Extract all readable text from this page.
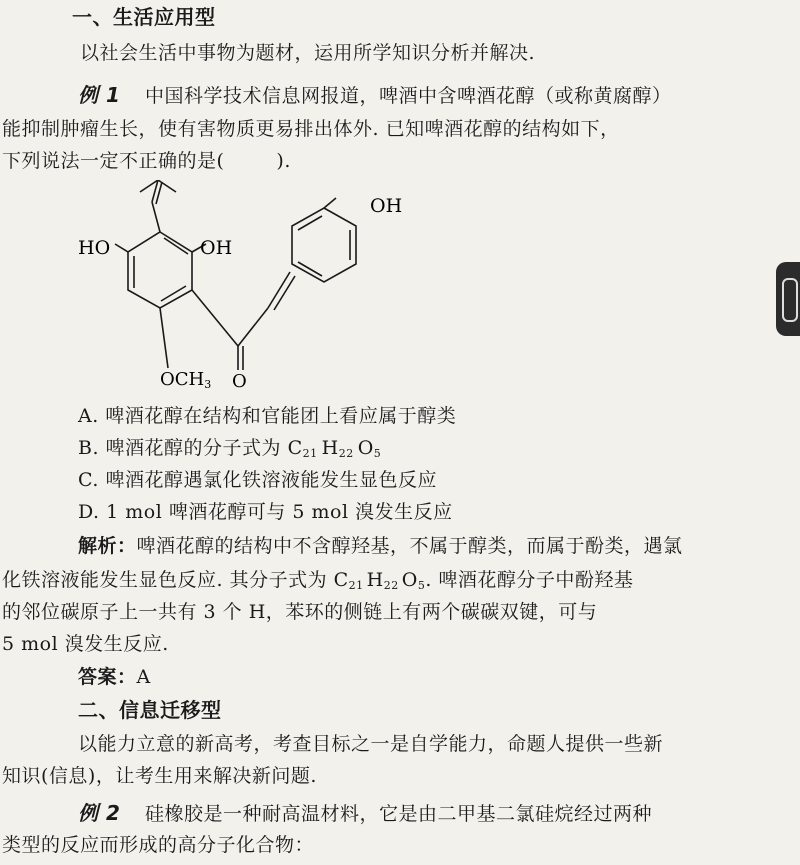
一、生活应用型
以社会生活中事物为题材，运用所学知识分析并解决.
例 1 中国科学技术信息网报道，啤酒中含啤酒花醇（或称黄腐醇）
能抑制肿瘤生长，使有害物质更易排出体外. 已知啤酒花醇的结构如下，
下列说法一定不正确的是(	).
OH
HO	OH
OCH3 O
A. 啤酒花醇在结构和官能团上看应属于醇类
B. 啤酒花醇的分子式为 $C_{21}$ $H_{22}$ $O_5$
C. 啤酒花醇遇氯化铁溶液能发生显色反应
D. 1 mol 啤酒花醇可与 5 mol 溴发生反应
解析：啤酒花醇的结构中不含醇羟基，不属于醇类，而属于酚类，遇氯
化铁溶液能发生显色反应. 其分子式为 $C_{21}$ $H_{22}$ $O_5$. 啤酒花醇分子中酚羟基
的邻位碳原子上一共有 3 个 H，苯环的侧链上有两个碳碳双键，可与
5 mol 溴发生反应.
答案：A
二、信息迁移型
以能力立意的新高考，考查目标之一是自学能力，命题人提供一些新
知识(信息)，让考生用来解决新问题.
例 2 硅橡胶是一种耐高温材料，它是由二甲基二氯硅烷经过两种
类型的反应而形成的高分子化合物：
